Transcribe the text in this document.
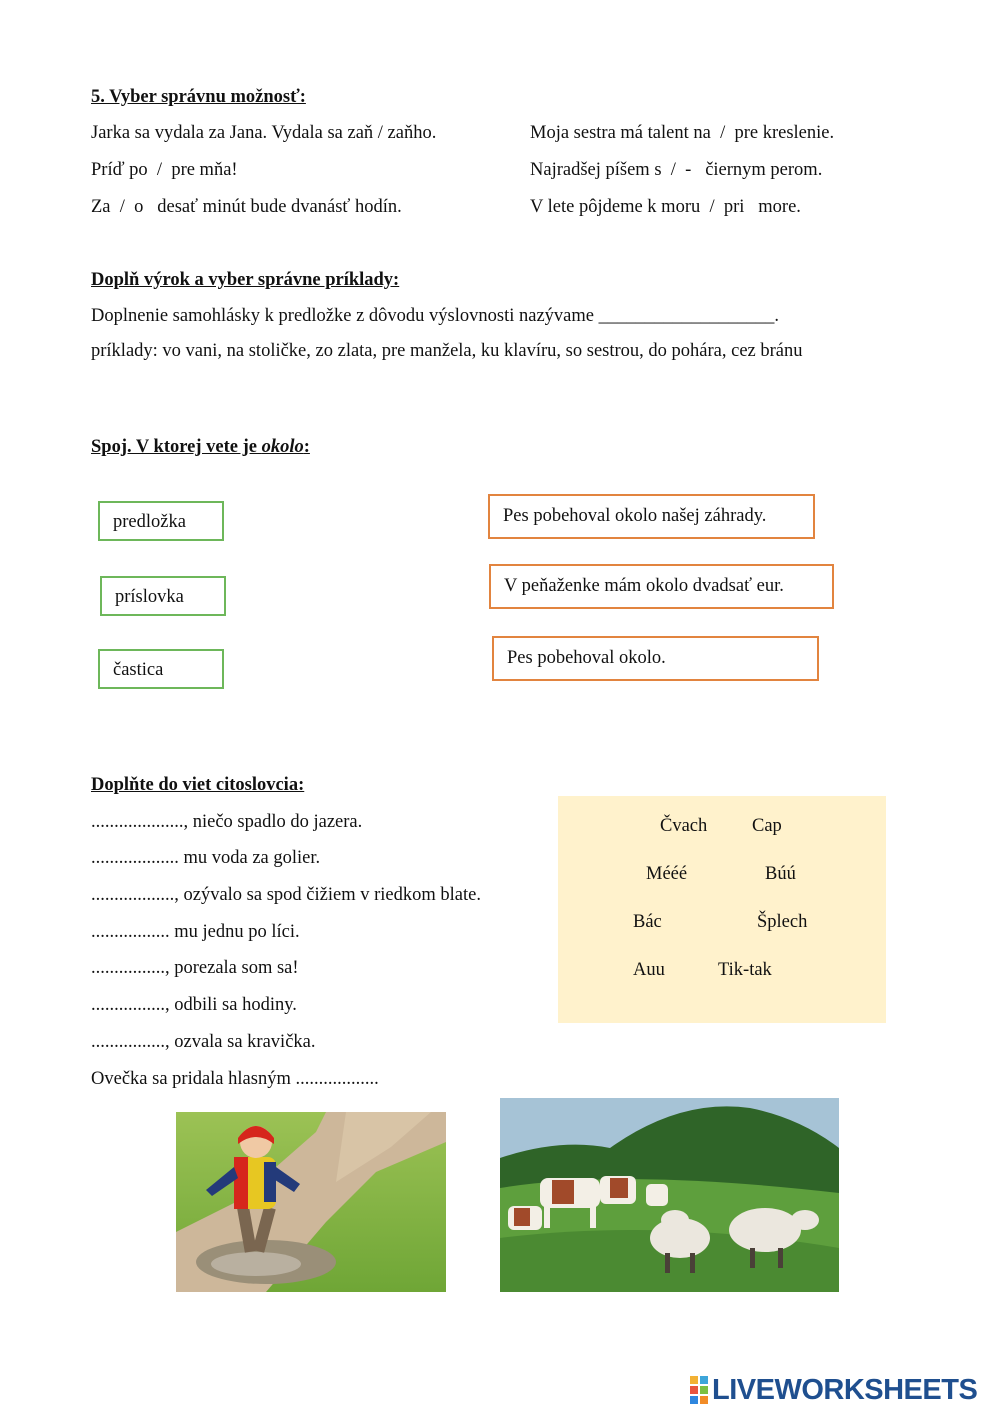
5. Vyber správnu možnosť:
Jarka sa vydala za Jana. Vydala sa zaň / zaňho.
Príď po  /  pre mňa!
Za  /  o   desať minút bude dvanásť hodín.
Moja sestra má talent na  /  pre kreslenie.
Najradšej píšem s  /  -   čiernym perom.
V lete pôjdeme k moru  /  pri   more.
Doplň výrok a vyber správne príklady:
Doplnenie samohlásky k predložke z dôvodu výslovnosti nazývame ___________________.
príklady: vo vani, na stoličke, zo zlata, pre manžela, ku klavíru, so sestrou, do pohára, cez bránu
Spoj. V ktorej vete je okolo:
predložka
príslovka
častica
Pes pobehoval okolo našej záhrady.
V peňaženke mám okolo dvadsať eur.
Pes pobehoval okolo.
Doplňte do viet citoslovcia:
...................., niečo spadlo do jazera.
................... mu voda za golier.
.................., ozývalo sa spod čižiem v riedkom blate.
................. mu jednu po líci.
................, porezala som sa!
................, odbili sa hodiny.
................, ozvala sa kravička.
Ovečka sa pridala hlasným ..................
Čvach Cap
Mééé	Búú
Bác	Šplech
Auu	Tik-tak
LIVEWORKSHEETS
